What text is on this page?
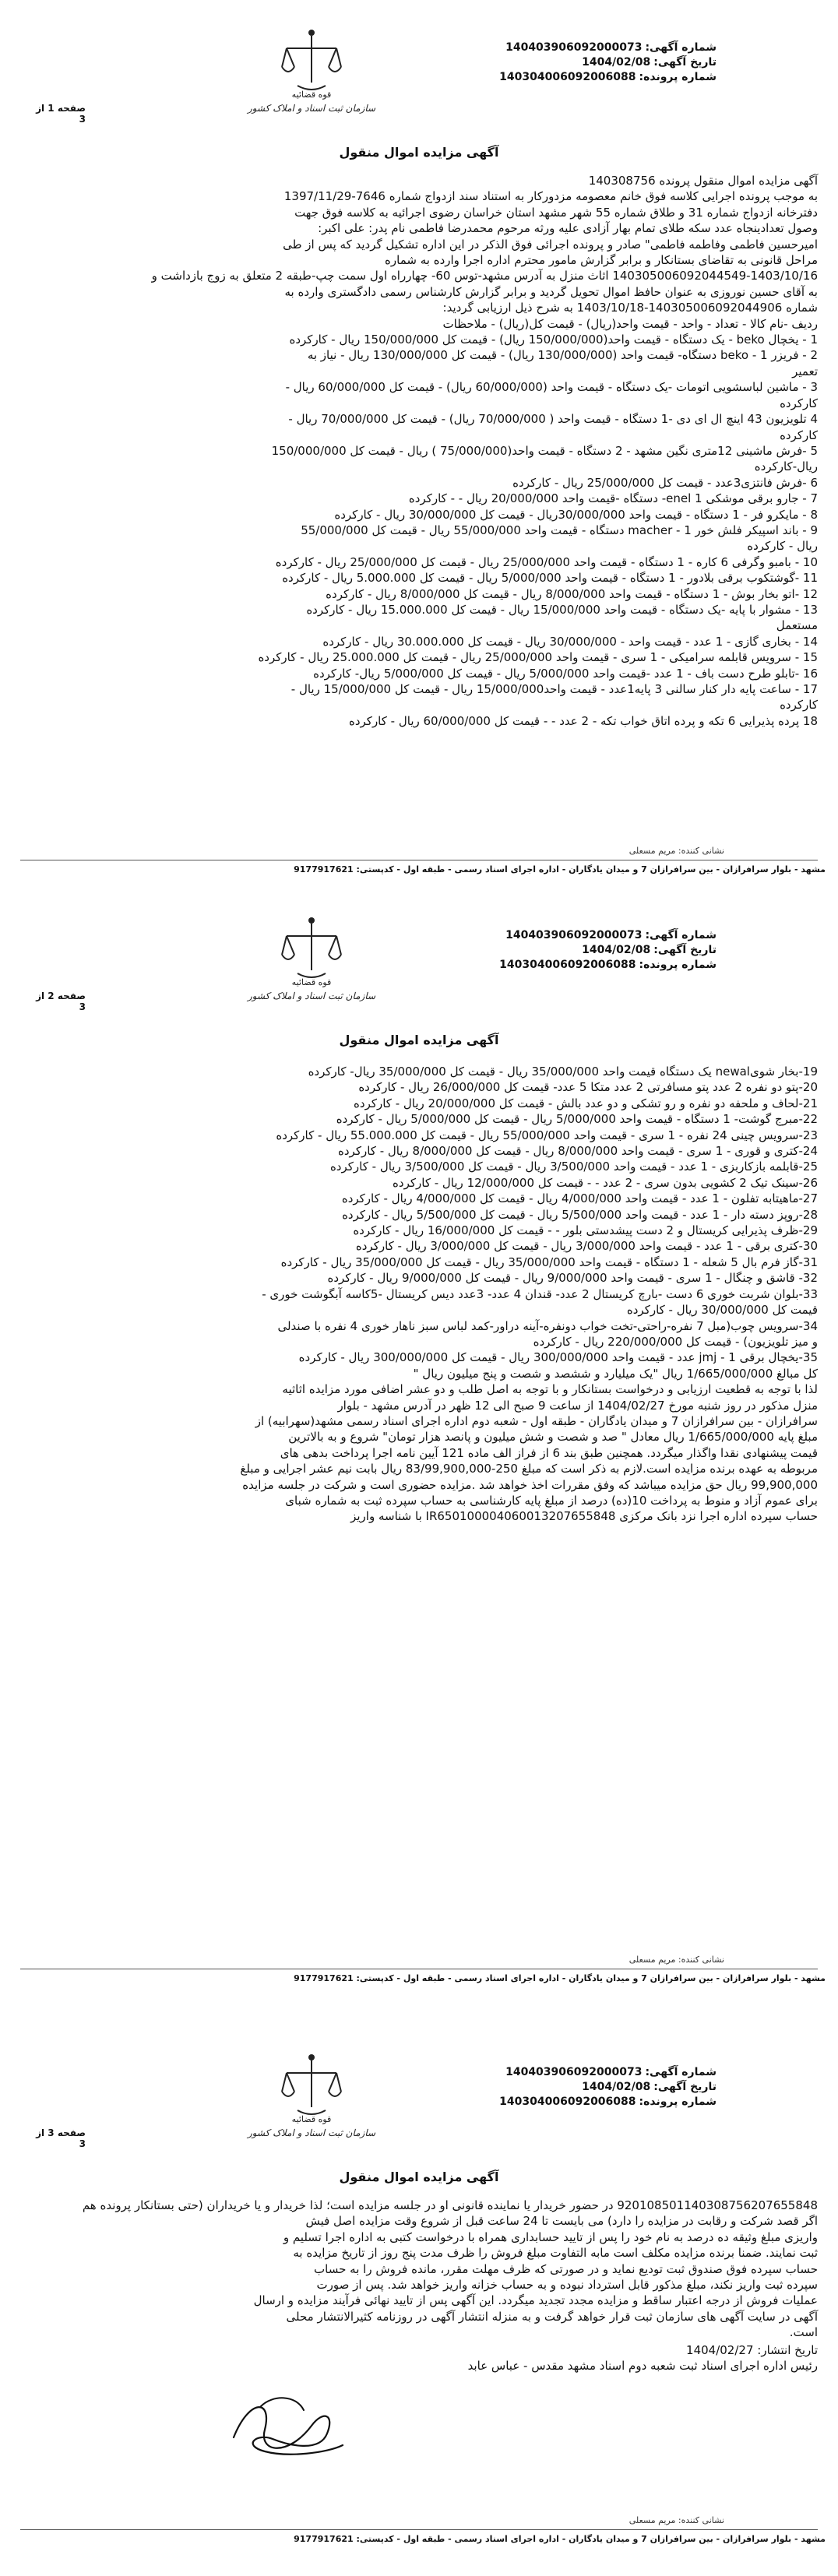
صفحه 1 از 3
قوه قضائیه
سازمان ثبت اسناد و املاک کشور
شماره آگهی:140403906092000073
تاریخ آگهی:1404/02/08
شماره پرونده:140304006092006088
آگهی مزایده اموال منقول

آگهی مزایده اموال منقول پرونده 140308756

به موجب پرونده اجرایی کلاسه فوق خانم معصومه مزدورکار به استناد سند ازدواج شماره 7646-1397/11/29

دفترخانه ازدواج شماره 31 و طلاق شماره 55 شهر مشهد استان خراسان رضوی اجرائیه به کلاسه فوق جهت

وصول تعدادینجاه عدد سکه طلای تمام بهار آزادی علیه ورثه مرحوم محمدرضا فاطمی نام پدر: علی اکبر:

امیرحسین فاطمی وفاطمه فاطمی" صادر و پرونده اجرائی فوق الذکر در این اداره تشکیل گردید که پس از طی

مراحل قانونی به تقاضای بستانکار و برابر گزارش مامور محترم اداره اجرا وارده به شماره

140305006092044549-1403/10/16 اثاث منزل به آدرس مشهد-توس 60- چهارراه اول سمت چپ-طبقه 2 متعلق به زوج بازداشت و

به آقای حسین نوروزی به عنوان حافظ اموال تحویل گردید و برابر گزارش کارشناس رسمی دادگستری وارده به

شماره 140305006092044906-1403/10/18 به شرح ذیل ارزیابی گردید:

ردیف -نام کالا - تعداد - واحد - قیمت واحد(ریال) - قیمت کل(ریال) - ملاحظات

1 - یخچال beko - یک دستگاه - قیمت واحد(150/000/000 ریال) - قیمت کل 150/000/000 ریال - کارکرده

2 - فریزر 1 - beko دستگاه- قیمت واحد (130/000/000 ریال) - قیمت کل 130/000/000 ریال - نیاز به

تعمیر

3 - ماشین لباسشویی اتومات -یک دستگاه - قیمت واحد (60/000/000 ریال) - قیمت کل 60/000/000 ریال -

کارکرده

4 تلویزیون 43 اینچ ال ای دی -1 دستگاه - قیمت واحد ( 70/000/000 ریال) - قیمت کل 70/000/000 ریال -

کارکرده

5 -فرش ماشینی 12متری نگین مشهد - 2 دستگاه - قیمت واحد(75/000/000 ) ریال - قیمت کل 150/000/000

ریال-کارکرده

6 -فرش فانتزی3عدد - قیمت کل 25/000/000 ریال - کارکرده

7 - جارو برقی موشکی 1 enel- دستگاه -قیمت واحد 20/000/000 ریال - - کارکرده

8 - مایکرو فر - 1 دستگاه - قیمت واحد 30/000/000ریال - قیمت کل 30/000/000 ریال - کارکرده

9 - باند اسپیکر فلش خور 1 - macher دستگاه - قیمت واحد 55/000/000 ریال - قیمت کل 55/000/000

ریال - کارکرده

10 - بامبو وگرفی 6 کاره - 1 دستگاه - قیمت واحد 25/000/000 ریال - قیمت کل 25/000/000 ریال - کارکرده

11 -گوشتکوب برقی بلادور - 1 دستگاه - قیمت واحد 5/000/000 ریال - قیمت کل 5.000.000 ریال - کارکرده

12 -اتو بخار بوش - 1 دستگاه - قیمت واحد 8/000/000 ریال - قیمت کل 8/000/000 ریال - کارکرده

13 - مشوار با پایه -یک دستگاه - قیمت واحد 15/000/000 ریال - قیمت کل 15.000.000 ریال - کارکرده

مستعمل

14 - بخاری گازی - 1 عدد - قیمت واحد - 30/000/000 ریال - قیمت کل 30.000.000 ریال - کارکرده

15 - سرویس قابلمه سرامیکی - 1 سری - قیمت واحد 25/000/000 ریال - قیمت کل 25.000.000 ریال - کارکرده

16 -تابلو طرح دست باف - 1 عدد -قیمت واحد 5/000/000 ریال - قیمت کل 5/000/000 ریال- کارکرده

17 - ساعت پایه دار کنار سالنی 3 پایه1عدد - قیمت واحد15/000/000 ریال - قیمت کل 15/000/000 ریال -

کارکرده

18 پرده پذیرایی 6 تکه و پرده اتاق خواب تکه - 2 عدد - - قیمت کل 60/000/000 ریال - کارکرده

نشانی کننده: مریم مسعلی
مشهد - بلوار سرافرازان - بین سرافرازان 7 و میدان یادگاران - اداره اجرای اسناد رسمی - طبقه اول - کدپستی: 9177917621
صفحه 2 از 3
قوه قضائیه
سازمان ثبت اسناد و املاک کشور
شماره آگهی:140403906092000073
تاریخ آگهی:1404/02/08
شماره پرونده:140304006092006088
آگهی مزایده اموال منقول

19-بخار شویnewal یک دستگاه قیمت واحد 35/000/000 ریال - قیمت کل 35/000/000 ریال- کارکرده

20-پتو دو نفره 2 عدد پتو مسافرتی 2 عدد متکا 5 عدد- قیمت کل 26/000/000 ریال - کارکرده

21-لحاف و ملحفه دو نفره و رو تشکی و دو عدد بالش - قیمت کل 20/000/000 ریال - کارکرده

22-مبرج گوشت- 1 دستگاه - قیمت واحد 5/000/000 ریال - قیمت کل 5/000/000 ریال - کارکرده

23-سرویس چینی 24 نفره - 1 سری - قیمت واحد 55/000/000 ریال - قیمت کل 55.000.000 ریال - کارکرده

24-کتری و قوری - 1 سری - قیمت واحد 8/000/000 ریال - قیمت کل 8/000/000 ریال - کارکرده

25-قابلمه بازکاربزی - 1 عدد - قیمت واحد 3/500/000 ریال - قیمت کل 3/500/000 ریال - کارکرده

26-سینک تیک 2 کشویی بدون سری - 2 عدد - - قیمت کل 12/000/000 ریال - کارکرده

27-ماهیتابه تفلون - 1 عدد - قیمت واحد 4/000/000 ریال - قیمت کل 4/000/000 ریال - کارکرده

28-روپز دسته دار - 1 عدد - قیمت واحد 5/500/000 ریال - قیمت کل 5/500/000 ریال - کارکرده

29-ظرف پذیرایی کریستال و 2 دست پیشدستی بلور - - قیمت کل 16/000/000 ریال - کارکرده

30-کتری برقی - 1 عدد - قیمت واحد 3/000/000 ریال - قیمت کل 3/000/000 ریال - کارکرده

31-گاز فرم بال 5 شعله - 1 دستگاه - قیمت واحد 35/000/000 ریال - قیمت کل 35/000/000 ریال - کارکرده

32- قاشق و چنگال - 1 سری - قیمت واحد 9/000/000 ریال - قیمت کل 9/000/000 ریال - کارکرده

33-بلوان شربت خوری 6 دست -بارچ کریستال 2 عدد- قندان 4 عدد- 3عدد دیس کریستال -5کاسه آبگوشت خوری -

قیمت کل 30/000/000 ریال - کارکرده

34-سرویس چوب(مبل 7 نفره-راحتی-تخت خواب دونفره-آینه دراور-کمد لباس سبز ناهار خوری 4 نفره با صندلی

و میز تلویزیون) - قیمت کل 220/000/000 ریال - کارکرده

35-یخچال برقی jmj - 1 عدد - قیمت واحد 300/000/000 ریال - قیمت کل 300/000/000 ریال - کارکرده

کل مبالغ 1/665/000/000 ریال "یک میلیارد و ششصد و شصت و پنج میلیون ریال "

لذا با توجه به قطعیت ارزیابی و درخواست بستانکار و با توجه به اصل طلب و دو عشر اضافی مورد مزایده اثاثیه

منزل مذکور در روز شنبه مورخ 1404/02/27 از ساعت 9 صبح الی 12 ظهر در آدرس مشهد - بلوار

سرافرازان - بین سرافرازان 7 و میدان یادگاران - طبقه اول - شعبه دوم اداره اجرای اسناد رسمی مشهد(سهرابیه) از

مبلغ پایه 1/665/000/000 ریال معادل " صد و شصت و شش میلیون و پانصد هزار تومان" شروع و به بالاترین

قیمت پیشنهادی نقدا واگذار میگردد. همچنین طبق بند 6 از فراز الف ماده 121 آیین نامه اجرا پرداخت بدهی های

مربوطه به عهده برنده مزایده است.لازم به ذکر است که مبلغ 250-83/99,900,000 ریال بابت نیم عشر اجرایی و مبلغ

99,900,000 ریال حق مزایده میباشد که وفق مقررات اخذ خواهد شد .مزایده حضوری است و شرکت در جلسه مزایده

برای عموم آزاد و منوط به پرداخت 10(ده) درصد از مبلغ پایه کارشناسی به حساب سپرده ثبت به شماره شبای

حساب سپرده اداره اجرا نزد بانک مرکزی IR650100004060013207655848 با شناسه واریز

نشانی کننده: مریم مسعلی
مشهد - بلوار سرافرازان - بین سرافرازان 7 و میدان یادگاران - اداره اجرای اسناد رسمی - طبقه اول - کدپستی: 9177917621
صفحه 3 از 3
قوه قضائیه
سازمان ثبت اسناد و املاک کشور
شماره آگهی:140403906092000073
تاریخ آگهی:1404/02/08
شماره پرونده:140304006092006088
آگهی مزایده اموال منقول

920108501140308756207655848 در حضور خریدار یا نماینده قانونی او در جلسه مزایده است؛ لذا خریدار و یا خریداران (حتی بستانکار پرونده هم

اگر قصد شرکت و رقابت در مزایده را دارد) می بایست تا 24 ساعت قبل از شروع وقت مزایده اصل فیش

واریزی مبلغ وثیقه ده درصد به نام خود را پس از تایید حسابداری همراه با درخواست کتبی به اداره اجرا تسلیم و

ثبت نمایند. ضمنا برنده مزایده مکلف است مابه التفاوت مبلغ فروش را ظرف مدت پنج روز از تاریخ مزایده به

حساب سپرده فوق صندوق ثبت تودیع نماید و در صورتی که ظرف مهلت مقرر، مانده فروش را به حساب

سپرده ثبت واریز نکند، مبلغ مذکور قابل استرداد نبوده و به حساب خزانه واریز خواهد شد. پس از صورت

عملیات فروش از درجه اعتبار ساقط و مزایده مجدد تجدید میگردد. این آگهی پس از تایید نهائی فرآیند مزایده و ارسال

آگهی در سایت آگهی های سازمان ثبت قرار خواهد گرفت و به منزله انتشار آگهی در روزنامه کثیرالانتشار محلی

است.

تاریخ انتشار: 1404/02/27

رئیس اداره اجرای اسناد ثبت شعبه دوم اسناد مشهد مقدس - عباس عابد

نشانی کننده: مریم مسعلی
مشهد - بلوار سرافرازان - بین سرافرازان 7 و میدان یادگاران - اداره اجرای اسناد رسمی - طبقه اول - کدپستی: 9177917621
